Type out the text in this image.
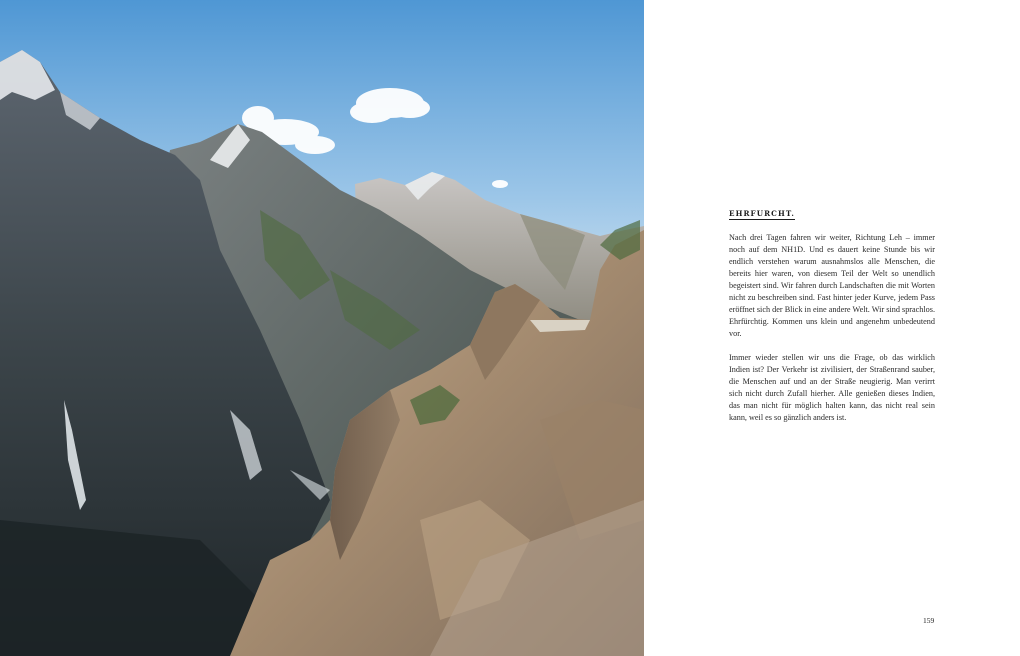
EHRFURCHT.

Nach drei Tagen fahren wir weiter, Richtung Leh – immer noch auf dem NH1D. Und es dauert keine Stunde bis wir endlich verstehen warum ausnahmslos alle Menschen, die bereits hier waren, von diesem Teil der Welt so unendlich begeistert sind. Wir fahren durch Landschaften die mit Worten nicht zu beschreiben sind. Fast hinter jeder Kurve, jedem Pass eröffnet sich der Blick in eine andere Welt. Wir sind sprachlos. Ehrfürchtig. Kommen uns klein und angenehm unbedeutend vor.

Immer wieder stellen wir uns die Frage, ob das wirklich Indien ist? Der Verkehr ist zivilisiert, der Straßenrand sauber, die Menschen auf und an der Straße neugierig. Man verirrt sich nicht durch Zufall hierher. Alle genießen dieses Indien, das man nicht für möglich halten kann, das nicht real sein kann, weil es so gänzlich anders ist.

159
